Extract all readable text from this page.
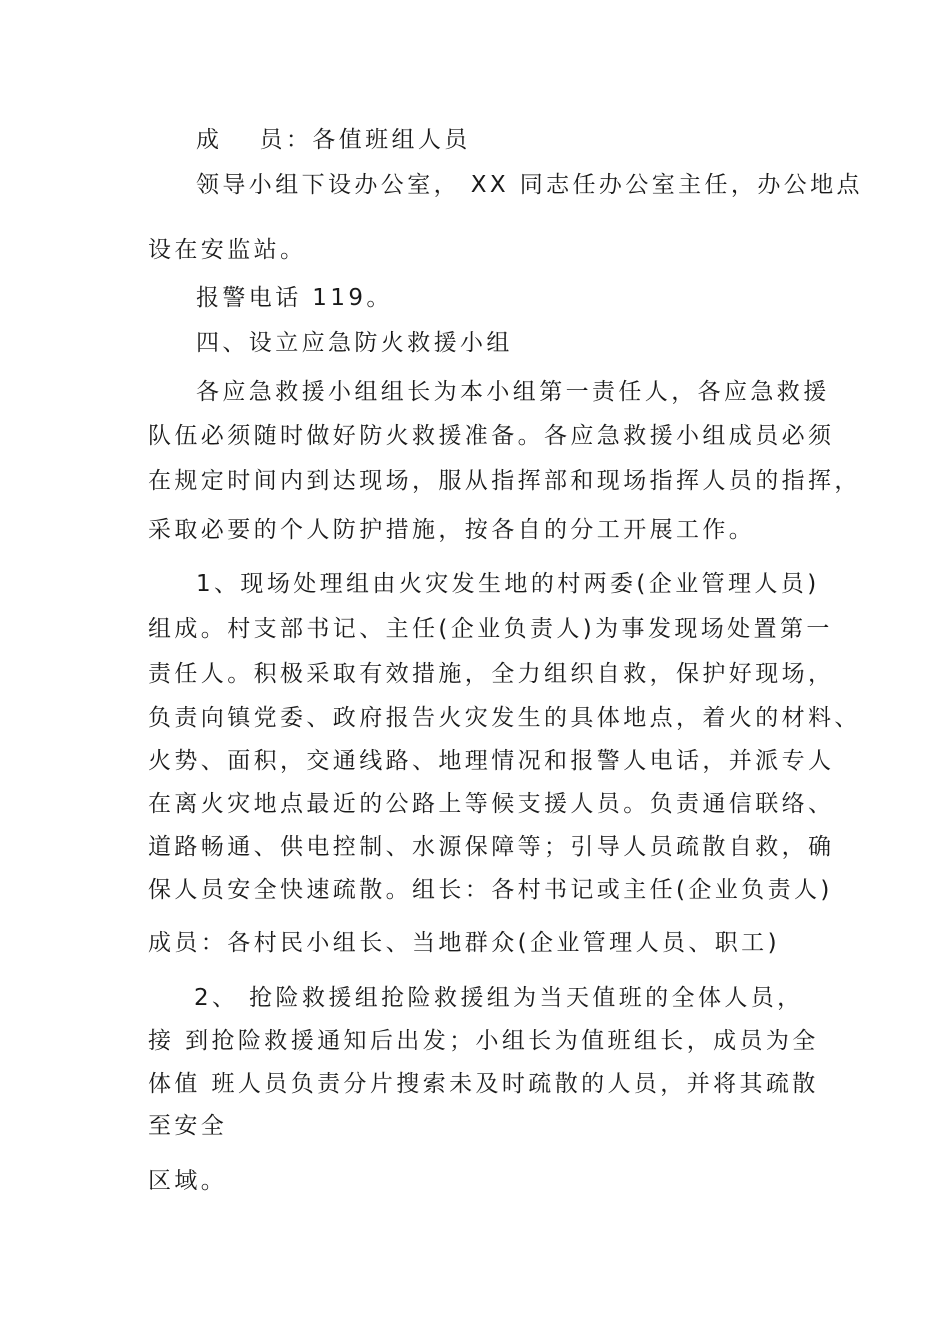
成　 员：各值班组人员
领导小组下设办公室， XX 同志任办公室主任，办公地点
设在安监站。
报警电话 119。
四、设立应急防火救援小组
各应急救援小组组长为本小组第一责任人，各应急救援
队伍必须随时做好防火救援准备。各应急救援小组成员必须
在规定时间内到达现场，服从指挥部和现场指挥人员的指挥，
采取必要的个人防护措施，按各自的分工开展工作。
1、现场处理组由火灾发生地的村两委(企业管理人员)
组成。村支部书记、主任(企业负责人)为事发现场处置第一
责任人。积极采取有效措施，全力组织自救，保护好现场，
负责向镇党委、政府报告火灾发生的具体地点，着火的材料、
火势、面积，交通线路、地理情况和报警人电话，并派专人
在离火灾地点最近的公路上等候支援人员。负责通信联络、
道路畅通、供电控制、水源保障等；引导人员疏散自救，确
保人员安全快速疏散。组长：各村书记或主任(企业负责人)
成员：各村民小组长、当地群众(企业管理人员、职工)
2、 抢险救援组抢险救援组为当天值班的全体人员，
接 到抢险救援通知后出发；小组长为值班组长，成员为全
体值 班人员负责分片搜索未及时疏散的人员，并将其疏散
至安全
区域。
